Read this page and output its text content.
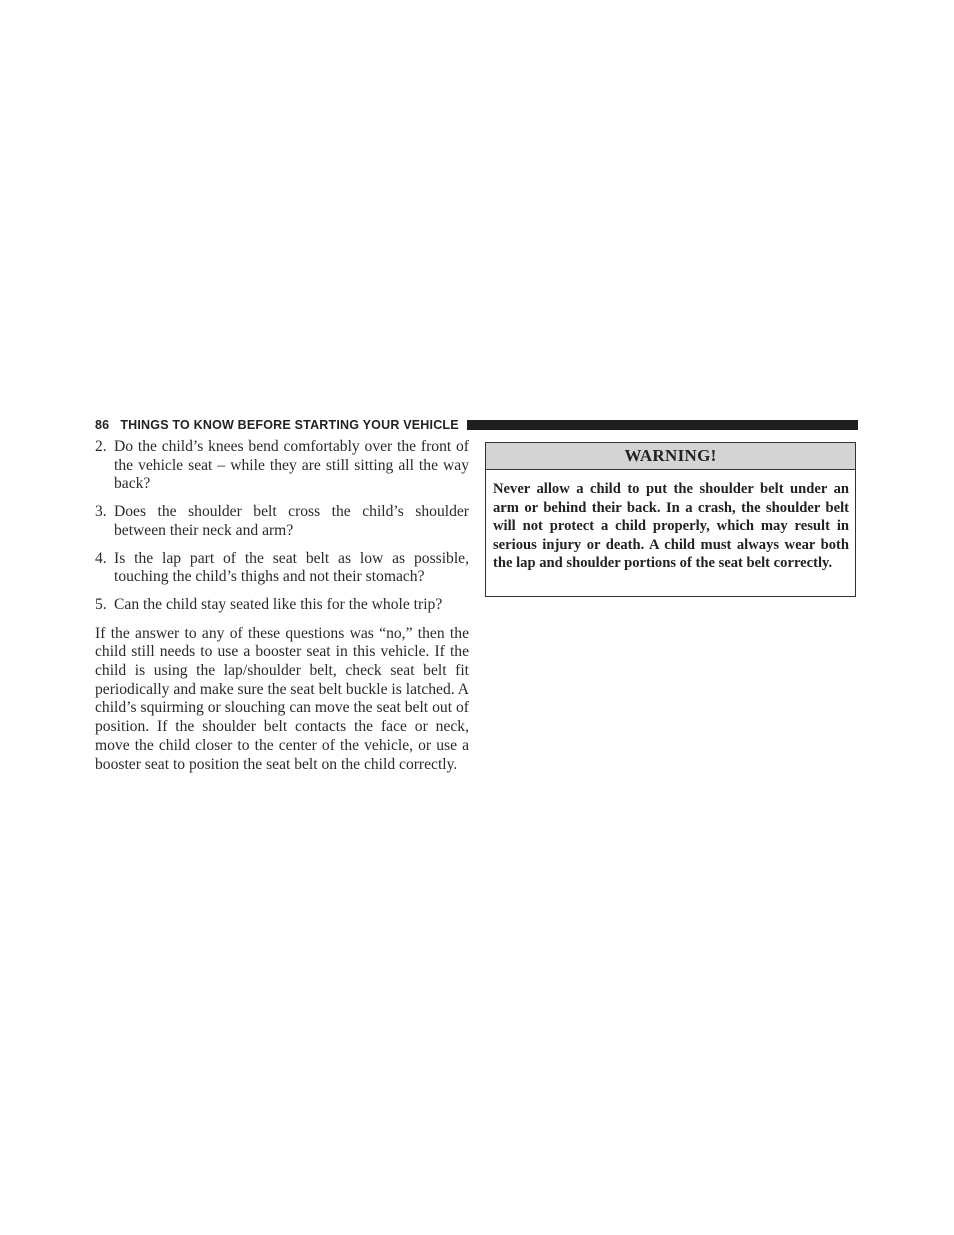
86 THINGS TO KNOW BEFORE STARTING YOUR VEHICLE
2. Do the child’s knees bend comfortably over the front of the vehicle seat – while they are still sitting all the way back?
3. Does the shoulder belt cross the child’s shoulder between their neck and arm?
4. Is the lap part of the seat belt as low as possible, touching the child’s thighs and not their stomach?
5. Can the child stay seated like this for the whole trip?

If the answer to any of these questions was “no,” then the child still needs to use a booster seat in this vehicle. If the child is using the lap/shoulder belt, check seat belt fit periodically and make sure the seat belt buckle is latched. A child’s squirming or slouching can move the seat belt out of position. If the shoulder belt contacts the face or neck, move the child closer to the center of the vehicle, or use a booster seat to position the seat belt on the child correctly.

WARNING!
Never allow a child to put the shoulder belt under an arm or behind their back. In a crash, the shoulder belt will not protect a child properly, which may result in serious injury or death. A child must always wear both the lap and shoulder portions of the seat belt correctly.
